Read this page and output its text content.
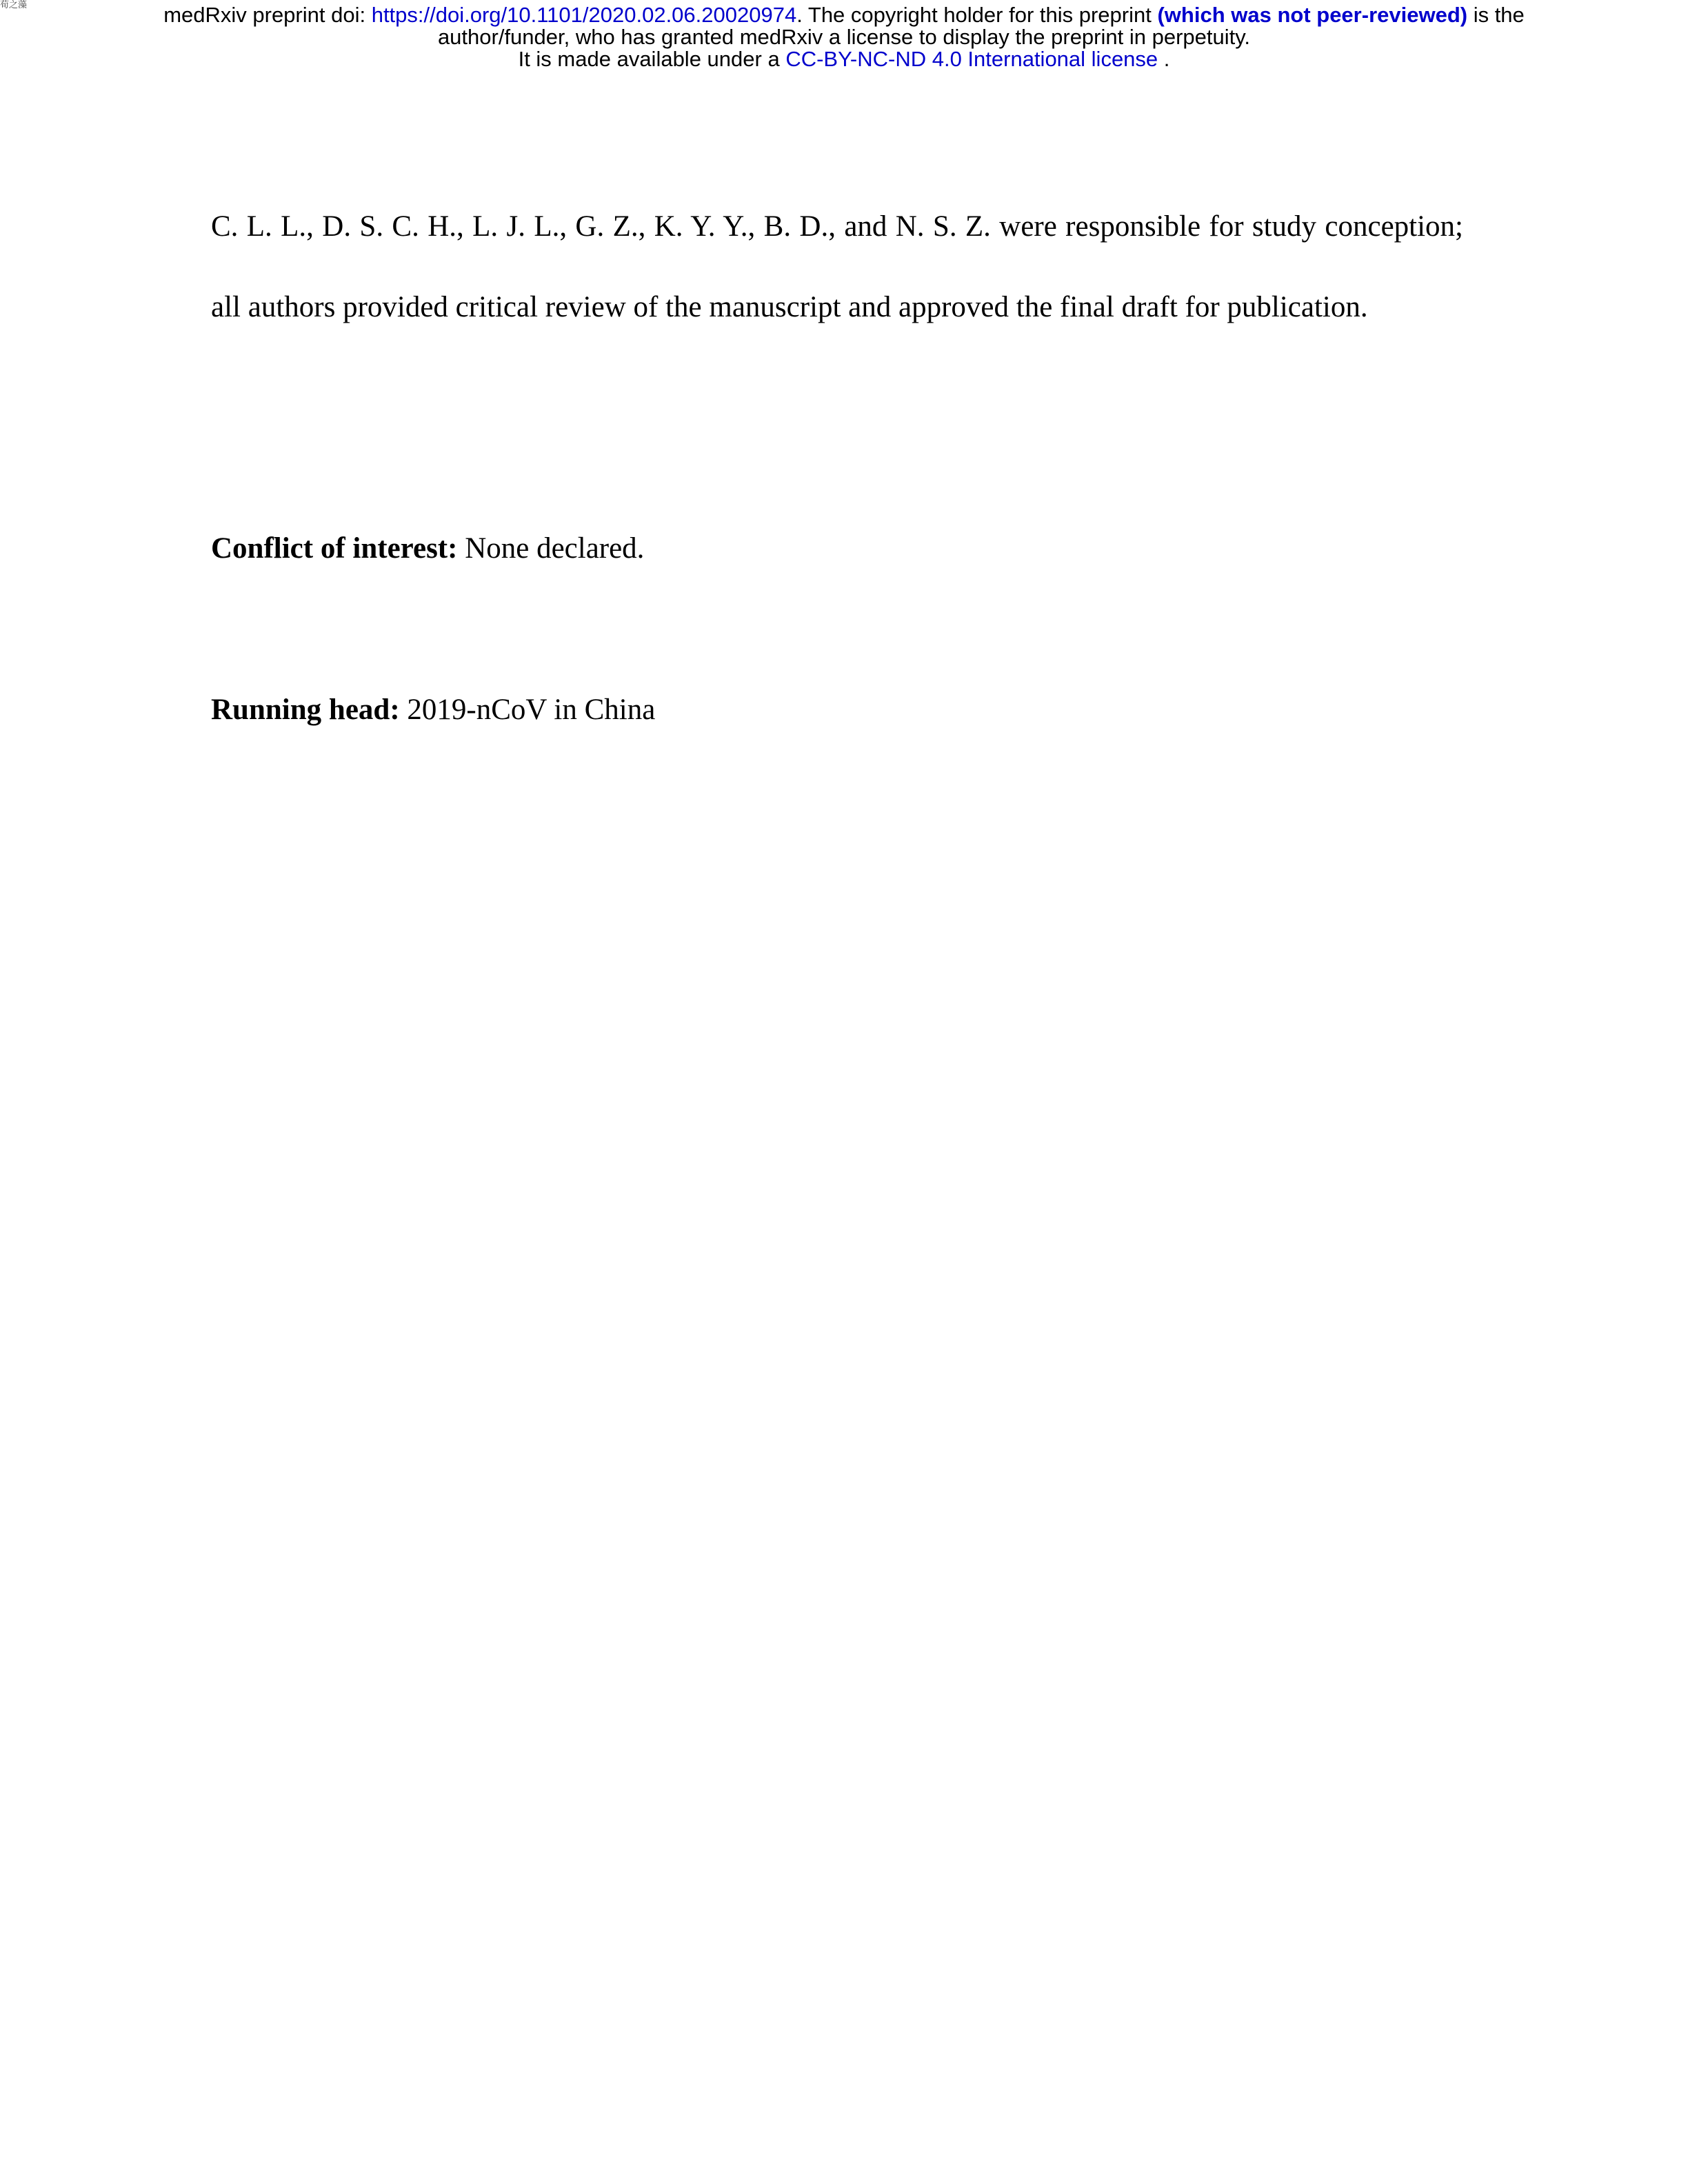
荀之藻	medRxiv preprint doi: https://doi.org/10.1101/2020.02.06.20020974. The copyright holder for this preprint (which was not peer-reviewed) is the
author/funder, who has granted medRxiv a license to display the preprint in perpetuity.
It is made available under a CC-BY-NC-ND 4.0 International license .

C. L. L., D. S. C. H., L. J. L., G. Z., K. Y. Y., B. D., and N. S. Z. were responsible for study conception; all authors provided critical review of the manuscript and approved the final draft for publication.

Conflict of interest: None declared.

Running head: 2019-nCoV in China
